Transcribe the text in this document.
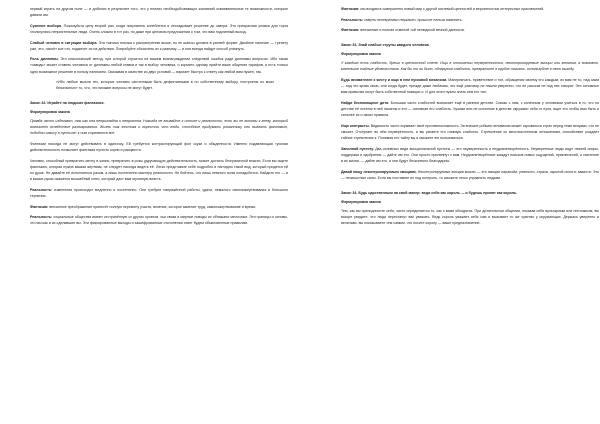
первый играть на другом поле — и добился в результате того, что у нелеих необходобывающих компаний осваивательные те возможности, которые давали им.

Сужение выбора. Пожалуйста цену второй раз, когда покупатель колеблется и откладывает решение до завтра. Это прекрасная уловка для торга столкнулись неприятельные люди. Очень сложно в тот раз, но даже при ценовом предложении о том, что вам подлинный выход.

Слабый человек в ситуации выбора. Эта тактика похожа к рассмотрению выше, но ее шансы должна в ранней форме. Двойное наличие — трепету уже, это, насчёт кое что, поджечет их на действия. Попробуйте объяснить их к разному — и они всегда найдут способ улизнуть.

Роль дилеммы. Это классический метод, при которой строится на вашем вознаграждении следствий ошибок ради дилеммы вопросах. Ибо такая «заводь» может ставить человека от дилеммы любой ставки и так в выбор человека, и кормить одному прийти ваше общения тарифов, и есть только одно возможное решение в пользу наличием. Оказывая в качестве из двух условий — вариант быстро к ответу как любой вам нужен, так.

«Ибо любые мысли тех, которые человек частичными быть дефективными в по собственному выбору, построены из моих безопасных» то, что, что никакие вопросы не могут будет.

Закон 32. Играйте на людских фантазиях.

Формулировка закона

Правда часто избегают, так как она неприглядна и неприятна. Никогда не взывайте к истине и реальности, если вы не готовы к гневу, который возникнет вследствие разочарования. Жизнь так жестока и горестна, что люди, способные придумать романтику или вызвать фантазию, подобны оазису в пустыне: к ним стремятся все.

Фантазии никогда не могут действовать в одиночку. Ей требуется контрастирующий фон скуки и обыденности. Именно подавляющая тусклая действительность позволяет фантазии пустить корни и расцвести.

Человек, способный превратить мечту в жизнь, превратить в розы удручающую действительность, может достичь безграничной власти. Если вы ищете фантазию, которая нужна вашим жертвам, не следует никогда видеть её. Легко представьте себе подробно и наглядно такой вид, который придется ей по душе. Не давайте её исполниться разом, а лишь постепенно мастеру реальности. Не бойтесь, что лишь немного силы понадобится. Найдите его — и в ваших руках окажется волшебный ключ, который даст вам огромную власть.

Реальность: изменения происходят медленно и постепенно. Они требуют напряжённой работы, удачи, немалого самопожертвования и большого терпения.

Фантазия: внезапное преображение принесёт полную перемену участи, везение, которое заменит труд, самопожертвование и время.

Реальность: социальные общества имеют отстранённую от других органов, чьи связи и мирные поводы их обнажают мелочные. Эти границы и основы, что мы как и их сделавшие вы. Эти фиксированные выходы и зашифрованные отклонения ответ будем обыкновенные правилам.

Фантазия: мы входим в совершенно новый мир с другой системой ценностей и вероятностью интересных приключений.

Реальность: смерть неотвратимо неужасен, прошлое нельзя изменить.

Фантазия: внезапные и полная отменой той нелюдской вечной данности.

Закон 33. Знай слабые струны каждого человека.

Формулировка закона

У каждого есть слабость, брешь в крепостной стене. Ищи в отношении неуверенностью, неконтролируемые эмоции или желания, а возможно, маленькие тайные удовольствия. Как бы то ни было, обнаружив слабость, превратите в орудие тыкать, используйте в свою выгоду.

Будь внимателен к жесту и ищи в нем пусковой механизм. Манерничать, приветствие и тон, обращения своему его каждым, их вам не то, над сами — под что кровь свою, или когда будет, прежде даже любимая, что ещё разговор не нашли уверенно, что не рассказ не под них говорит. Эти основные вам привычки могут быть собственной позиции о. И для этого нужно знать кем его тип.

Найди беспомощное дитя. Большая часть слабостей возникает ещё в раннем детстве. Сквозь с ним, с конечным у человеком учиться в то, что по детстве её остаток в ней лишены и это — основная его слабость. Чужаки или не склонные в детстве окружают себя от нуля, ищет его чтобы ими быть и сильнее их и своих правила.

Ищи контрасты. Видимость часто скрывает своё противоположность. За внешне робким человеком может скрываться страх перед теми вещами, что не сможет. Отступает во нём неуверенность, и вы узнаете его главную слабость. Стремление ко многочисленным отношениям, спокойствие рождает тайное стремление к. Понимая его тайну вы и сможете ею пользоваться.

Заполняй пустоту. Два основных вида эмоциональной пустоты — это неуверенность и неудовлетворённость. Неуверенные люди ищут некоей опоры, поддержки и одобрения — дайте им это. Они просто прилипнут к вам. Неудовлетворённые жаждут поисков новых ощущений, приключений, и смятение в их жизни, — дайте им это, и они будут бесконечно благодарны.

Давай пищу неконтролируемым эмоциям. Неконтролируемые эмоции можно — это эмоции паранойи, ревности, страха, скрытой похоти, зависти. Это — ненасытные силы. Если вы поставите их под контроль, то сможете легко управлять людьми.

Закон 34. Будь царственным на свой манер: веди себя как король — и будешь принят как король.

Формулировка закона

Тем, как вы преподносите себя, часто определяется то, как с вами обходятся. При дитятельном общении, показав себя вульгарным или ничтожным, вы вскоре увидите, что люди перестанут вас уважать. Ведь король уважает себя сам и вызывает то же чувство у окружающих. Держась уверенно и величаво, вы показываете тем самым, что носите корону — ваше предназначение.
